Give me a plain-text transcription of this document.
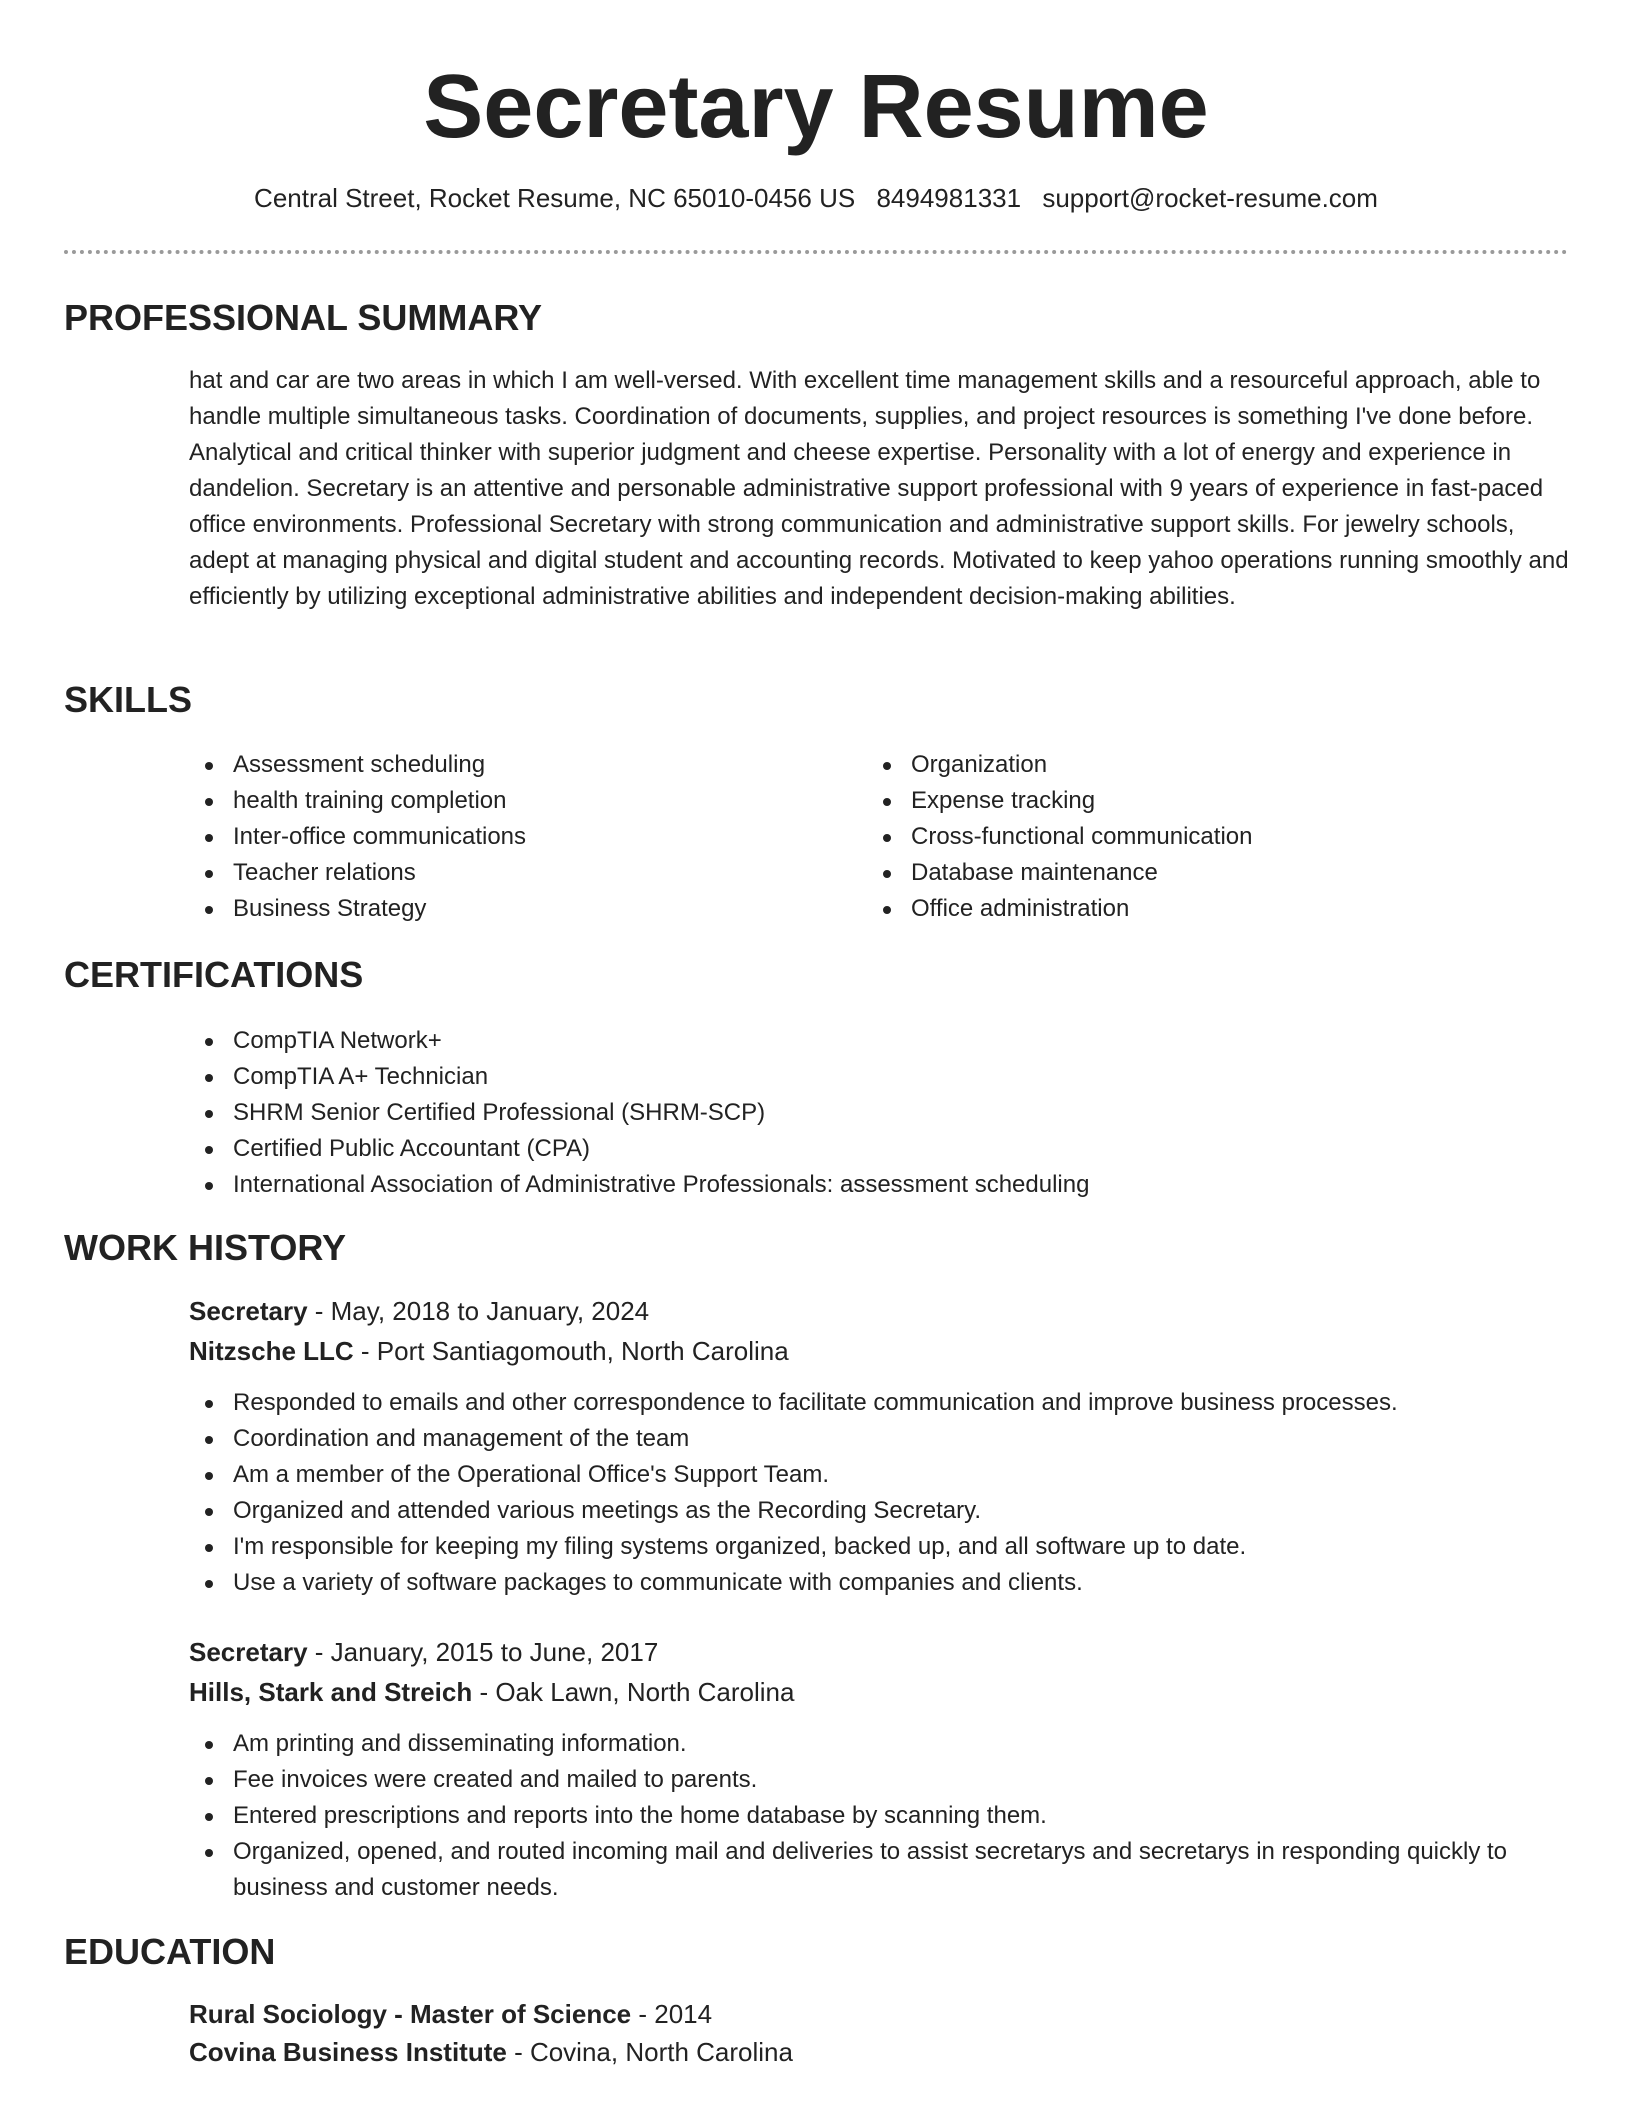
Secretary Resume
Central Street, Rocket Resume, NC 65010-0456 US 8494981331 support@rocket-resume.com
PROFESSIONAL SUMMARY

hat and car are two areas in which I am well-versed. With excellent time management skills and a resourceful approach, able to handle multiple simultaneous tasks. Coordination of documents, supplies, and project resources is something I've done before. Analytical and critical thinker with superior judgment and cheese expertise. Personality with a lot of energy and experience in dandelion. Secretary is an attentive and personable administrative support professional with 9 years of experience in fast-paced office environments. Professional Secretary with strong communication and administrative support skills. For jewelry schools, adept at managing physical and digital student and accounting records. Motivated to keep yahoo operations running smoothly and efficiently by utilizing exceptional administrative abilities and independent decision-making abilities.

SKILLS
Assessment scheduling
health training completion
Inter-office communications
Teacher relations
Business Strategy
Organization
Expense tracking
Cross-functional communication
Database maintenance
Office administration
CERTIFICATIONS
CompTIA Network+
CompTIA A+ Technician
SHRM Senior Certified Professional (SHRM-SCP)
Certified Public Accountant (CPA)
International Association of Administrative Professionals: assessment scheduling
WORK HISTORY
Secretary - May, 2018 to January, 2024
Nitzsche LLC - Port Santiagomouth, North Carolina
Responded to emails and other correspondence to facilitate communication and improve business processes.
Coordination and management of the team
Am a member of the Operational Office's Support Team.
Organized and attended various meetings as the Recording Secretary.
I'm responsible for keeping my filing systems organized, backed up, and all software up to date.
Use a variety of software packages to communicate with companies and clients.
Secretary - January, 2015 to June, 2017
Hills, Stark and Streich - Oak Lawn, North Carolina
Am printing and disseminating information.
Fee invoices were created and mailed to parents.
Entered prescriptions and reports into the home database by scanning them.
Organized, opened, and routed incoming mail and deliveries to assist secretarys and secretarys in responding quickly to business and customer needs.
EDUCATION
Rural Sociology - Master of Science - 2014
Covina Business Institute - Covina, North Carolina
